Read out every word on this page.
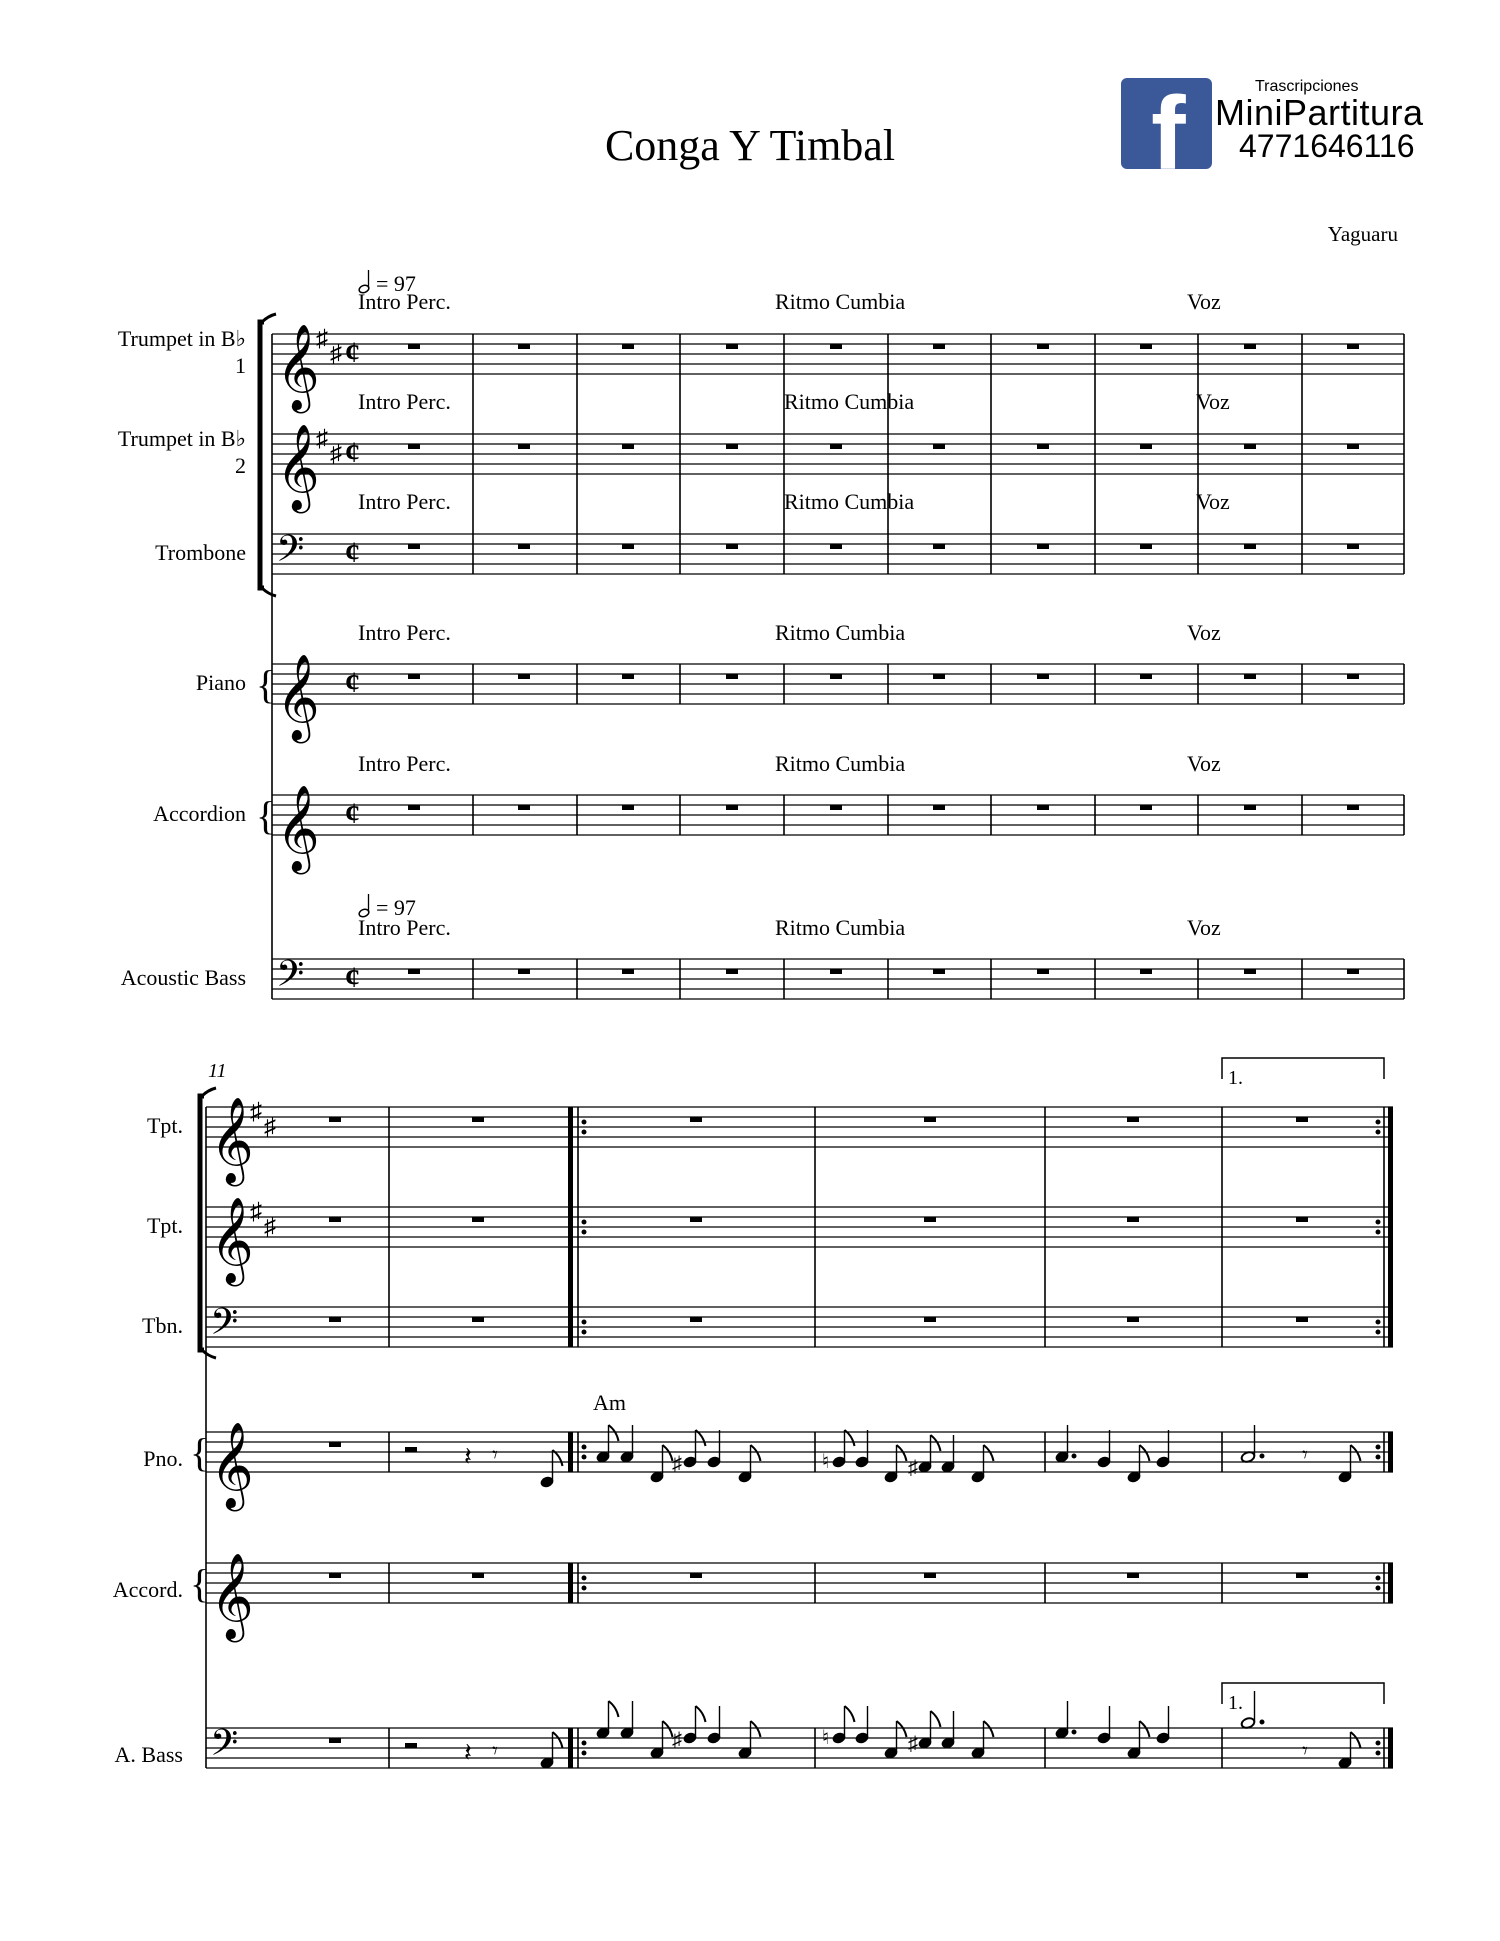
Conga Y Timbal
Yaguaru
f	Trascripciones
MiniPartitura
4771646116
𝄞
♯
♯ ¢
𝄞
♯
♯ ¢
𝄢 ¢
𝄞 ¢
{
𝄞 ¢
{
𝄢 ¢
𝄞
♯
♯
𝄞
♯
♯
𝄢
𝄞
{
𝄞
{
𝄢
𝄽 𝄾	♯	♮	♯
𝄾
𝄽 𝄾	♯	♮	♯	𝄾
Trumpet in B♭
1
Trumpet in B♭
2
Trombone
Piano
Accordion
Acoustic Bass
Tpt.
Tpt.
Tbn.
Pno.
Accord.
A. Bass
= 97
= 97
Intro Perc.	Ritmo Cumbia	Voz
Intro Perc.	Ritmo Cumbia	Voz
Intro Perc.	Ritmo Cumbia	Voz
Intro Perc.	Ritmo Cumbia	Voz
Intro Perc.	Ritmo Cumbia	Voz
Intro Perc.	Ritmo Cumbia	Voz
11
Am
1.
1.
